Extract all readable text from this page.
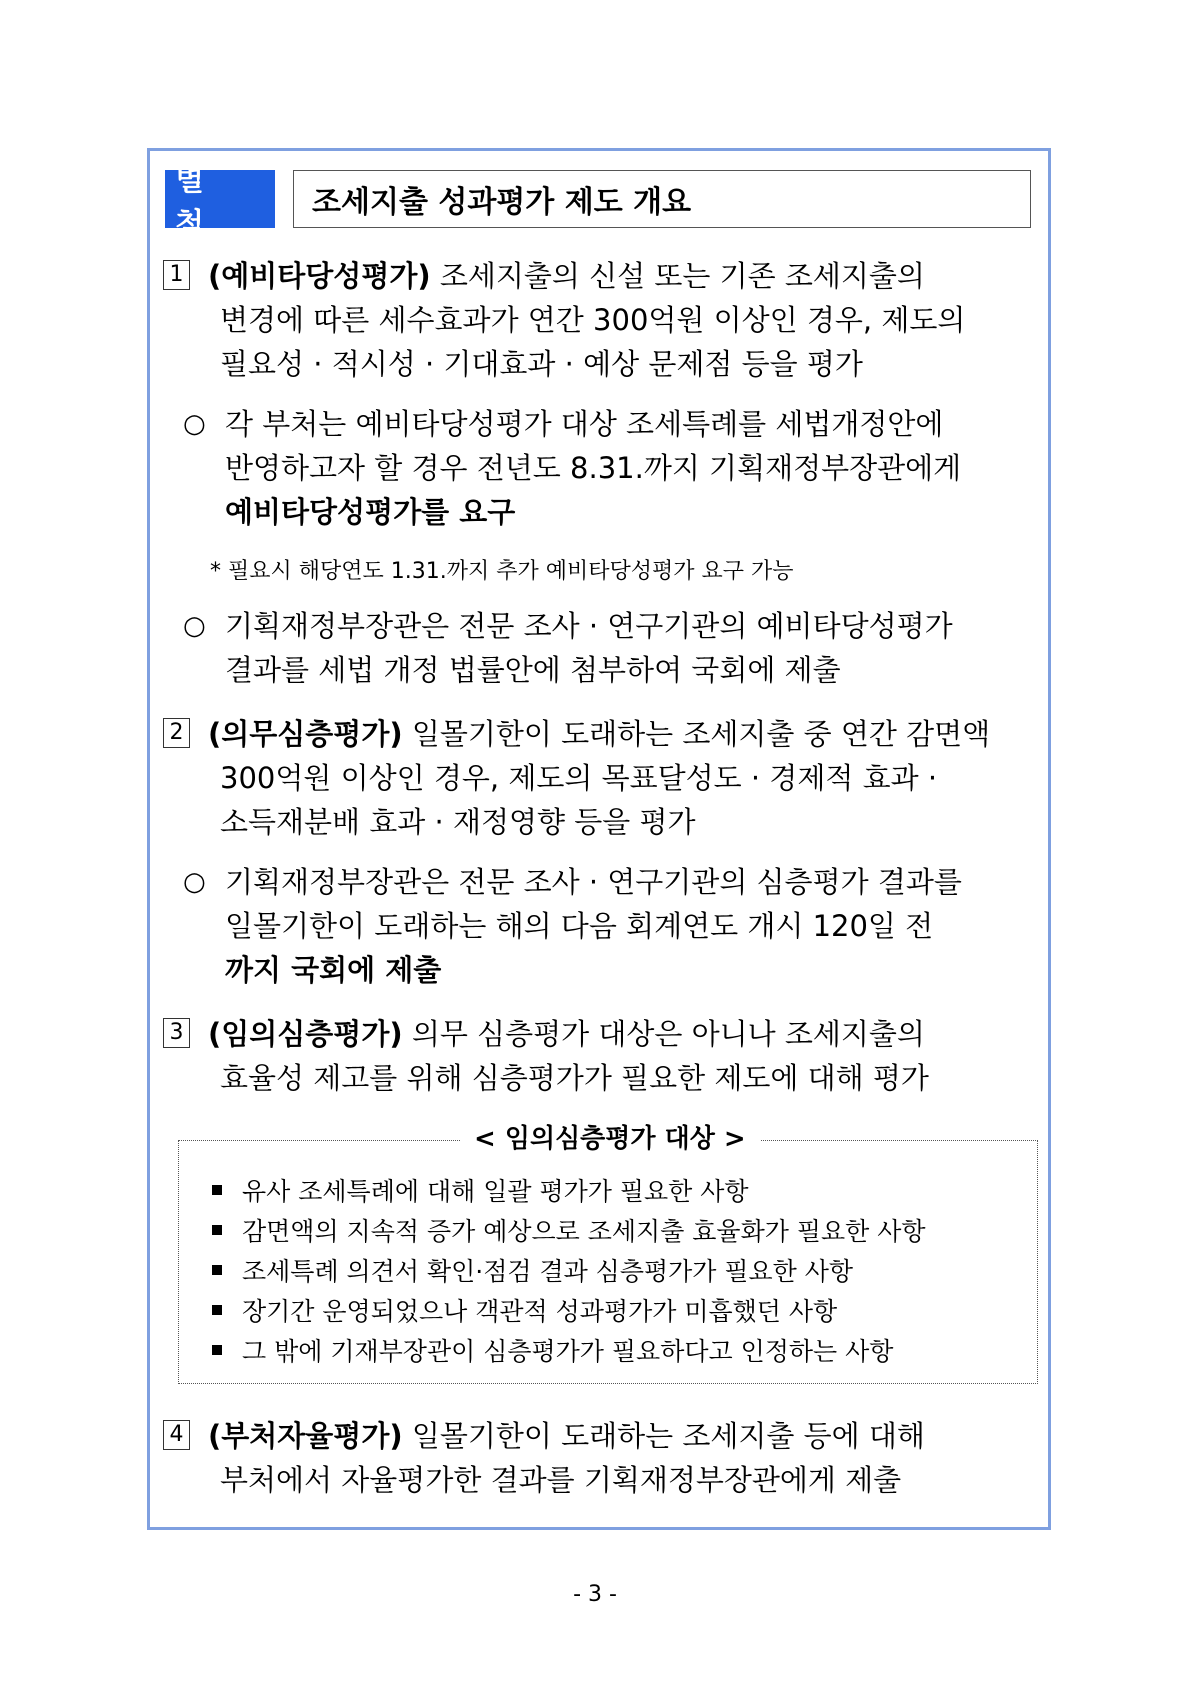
별 첨
조세지출 성과평가 제도 개요
1 (예비타당성평가) 조세지출의 신설 또는 기존 조세지출의
변경에 따른 세수효과가 연간 300억원 이상인 경우, 제도의
필요성 · 적시성 · 기대효과 · 예상 문제점 등을 평가
○ 각 부처는 예비타당성평가 대상 조세특례를 세법개정안에
반영하고자 할 경우 전년도 8.31.까지 기획재정부장관에게
예비타당성평가를 요구
* 필요시 해당연도 1.31.까지 추가 예비타당성평가 요구 가능
○ 기획재정부장관은 전문 조사 · 연구기관의 예비타당성평가
결과를 세법 개정 법률안에 첨부하여 국회에 제출
2 (의무심층평가) 일몰기한이 도래하는 조세지출 중 연간 감면액
300억원 이상인 경우, 제도의 목표달성도 · 경제적 효과 ·
소득재분배 효과 · 재정영향 등을 평가
○ 기획재정부장관은 전문 조사 · 연구기관의 심층평가 결과를
일몰기한이 도래하는 해의 다음 회계연도 개시 120일 전
까지 국회에 제출
3 (임의심층평가) 의무 심층평가 대상은 아니나 조세지출의
효율성 제고를 위해 심층평가가 필요한 제도에 대해 평가
< 임의심층평가 대상 >
유사 조세특례에 대해 일괄 평가가 필요한 사항
감면액의 지속적 증가 예상으로 조세지출 효율화가 필요한 사항
조세특례 의견서 확인·점검 결과 심층평가가 필요한 사항
장기간 운영되었으나 객관적 성과평가가 미흡했던 사항
그 밖에 기재부장관이 심층평가가 필요하다고 인정하는 사항
4 (부처자율평가) 일몰기한이 도래하는 조세지출 등에 대해
부처에서 자율평가한 결과를 기획재정부장관에게 제출
- 3 -
